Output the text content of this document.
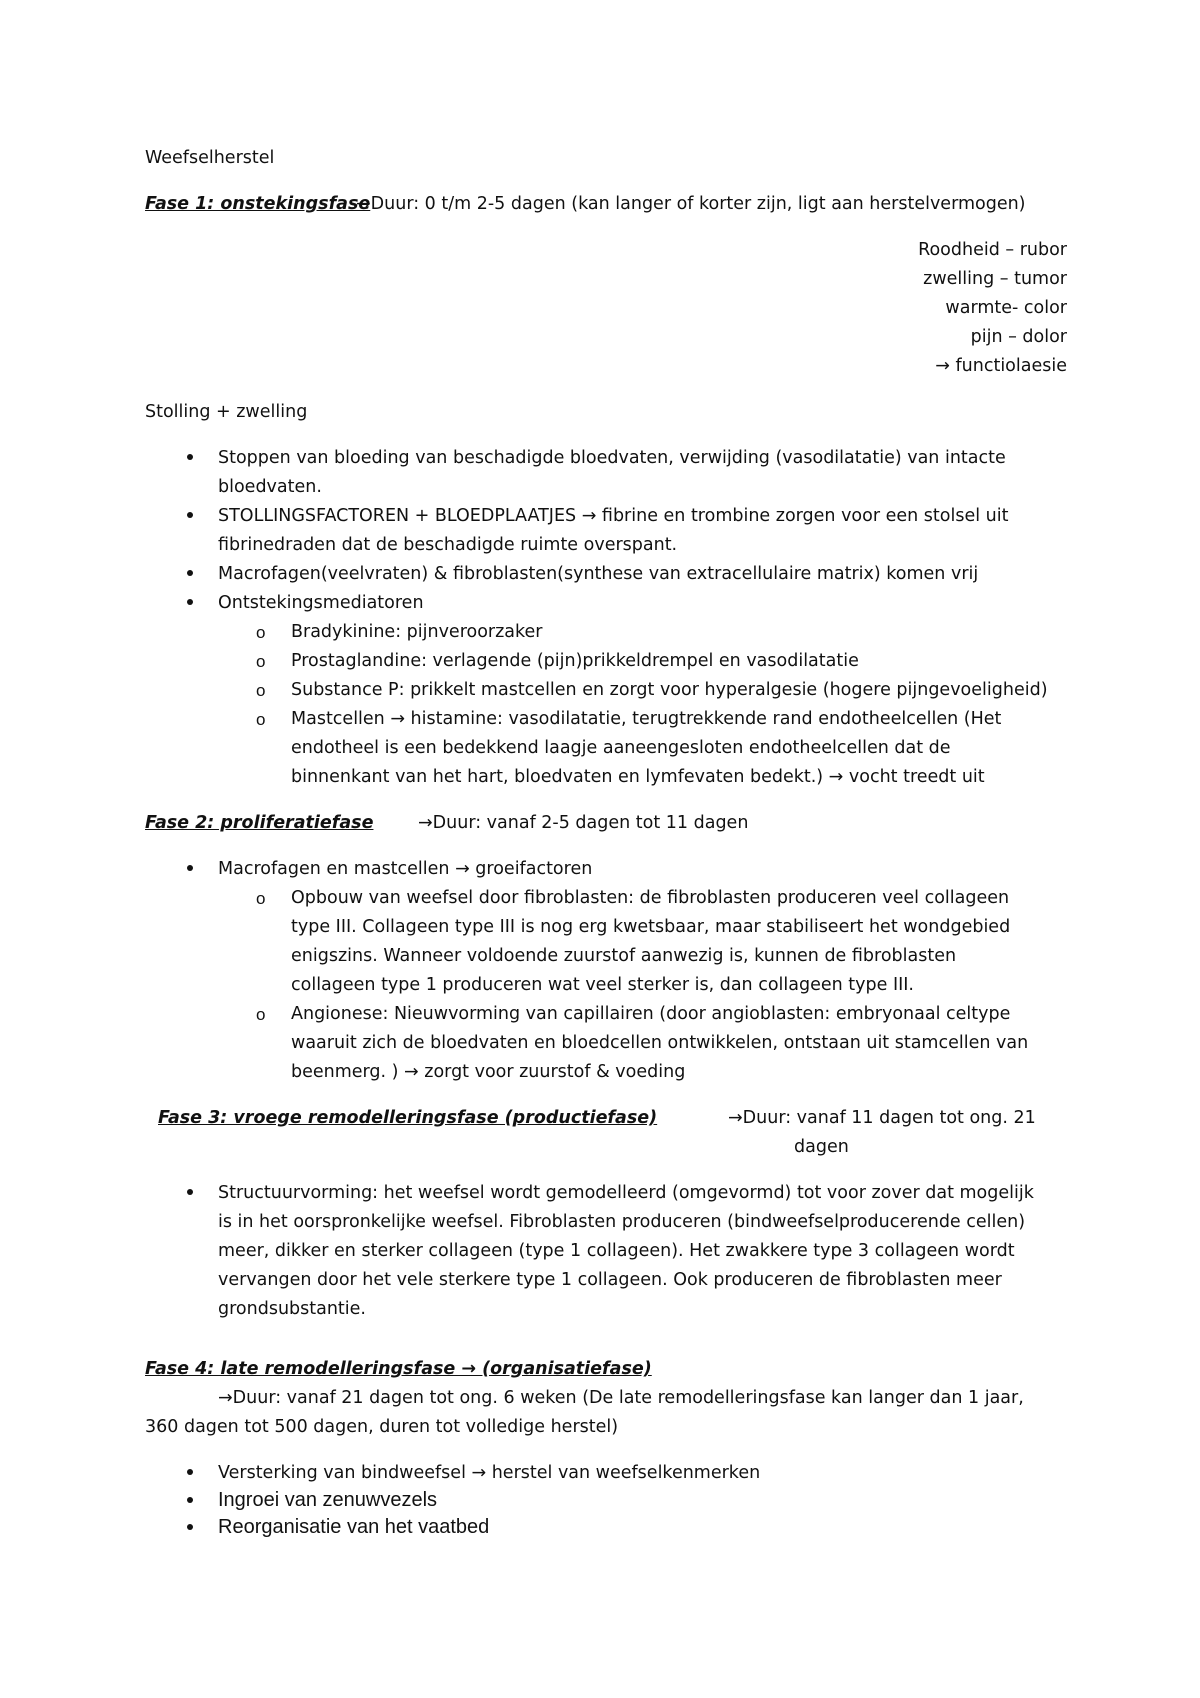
Weefselherstel
Fase 1: onstekingsfase
→Duur: 0 t/m 2-5 dagen (kan langer of korter zijn, ligt aan herstelvermogen)
Roodheid – rubor
zwelling – tumor
warmte- color
pijn – dolor
→ functiolaesie
Stolling + zwelling
Stoppen van bloeding van beschadigde bloedvaten, verwijding (vasodilatatie) van intacte
bloedvaten.
STOLLINGSFACTOREN + BLOEDPLAATJES → fibrine en trombine zorgen voor een stolsel uit
fibrinedraden dat de beschadigde ruimte overspant.
Macrofagen(veelvraten) & fibroblasten(synthese van extracellulaire matrix) komen vrij
Ontstekingsmediatoren
o Bradykinine: pijnveroorzaker
o Prostaglandine: verlagende (pijn)prikkeldrempel en vasodilatatie
o Substance P: prikkelt mastcellen en zorgt voor hyperalgesie (hogere pijngevoeligheid)
o Mastcellen → histamine: vasodilatatie, terugtrekkende rand endotheelcellen (Het
endotheel is een bedekkend laagje aaneengesloten endotheelcellen dat de
binnenkant van het hart, bloedvaten en lymfevaten bedekt.) → vocht treedt uit
Fase 2: proliferatiefase	→Duur: vanaf 2-5 dagen tot 11 dagen
Macrofagen en mastcellen → groeifactoren
o Opbouw van weefsel door fibroblasten: de fibroblasten produceren veel collageen
type III. Collageen type III is nog erg kwetsbaar, maar stabiliseert het wondgebied
enigszins. Wanneer voldoende zuurstof aanwezig is, kunnen de fibroblasten
collageen type 1 produceren wat veel sterker is, dan collageen type III.
o Angionese: Nieuwvorming van capillairen (door angioblasten: embryonaal celtype
waaruit zich de bloedvaten en bloedcellen ontwikkelen, ontstaan uit stamcellen van
beenmerg. ) → zorgt voor zuurstof & voeding
Fase 3: vroege remodelleringsfase (productiefase)	→Duur: vanaf 11 dagen tot ong. 21
dagen
Structuurvorming: het weefsel wordt gemodelleerd (omgevormd) tot voor zover dat mogelijk
is in het oorspronkelijke weefsel. Fibroblasten produceren (bindweefselproducerende cellen)
meer, dikker en sterker collageen (type 1 collageen). Het zwakkere type 3 collageen wordt
vervangen door het vele sterkere type 1 collageen. Ook produceren de fibroblasten meer
grondsubstantie.
Fase 4: late remodelleringsfase → (organisatiefase)
→Duur: vanaf 21 dagen tot ong. 6 weken (De late remodelleringsfase kan langer dan 1 jaar,
360 dagen tot 500 dagen, duren tot volledige herstel)
Versterking van bindweefsel → herstel van weefselkenmerken
Ingroei van zenuwvezels
Reorganisatie van het vaatbed
